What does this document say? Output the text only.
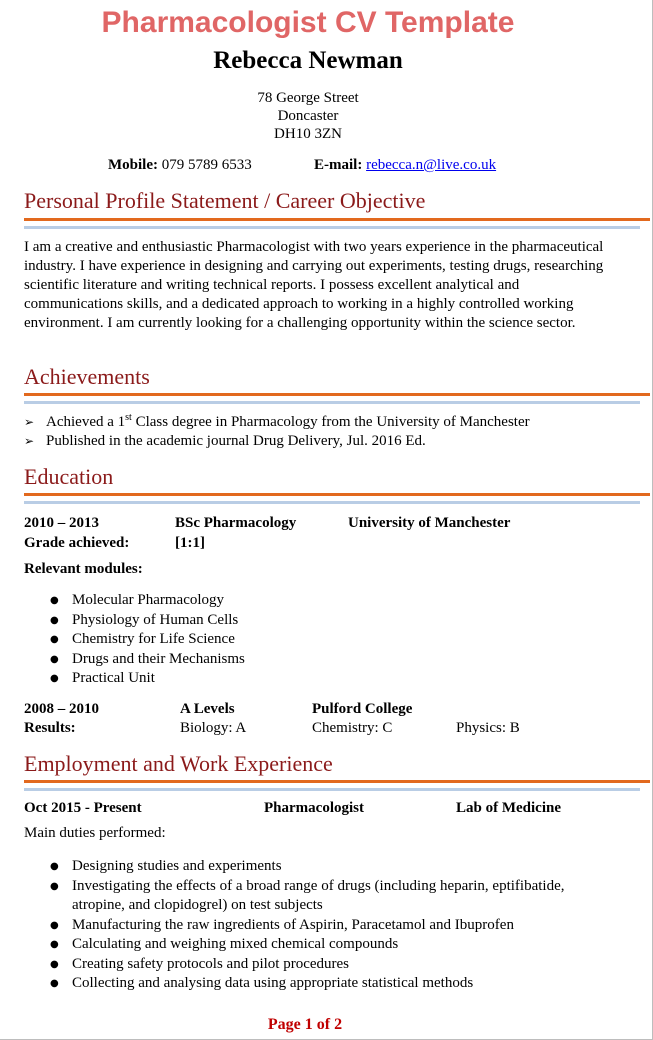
Pharmacologist CV Template
Rebecca Newman
78 George Street
Doncaster
DH10 3ZN
Mobile: 079 5789 6533	E-mail: rebecca.n@live.co.uk
Personal Profile Statement / Career Objective
I am a creative and enthusiastic Pharmacologist with two years experience in the pharmaceutical industry. I have experience in designing and carrying out experiments, testing drugs, researching scientific literature and writing technical reports. I possess excellent analytical and communications skills, and a dedicated approach to working in a highly controlled working environment. I am currently looking for a challenging opportunity within the science sector.
Achievements
➢ Achieved a 1st Class degree in Pharmacology from the University of Manchester
➢ Published in the academic journal Drug Delivery, Jul. 2016 Ed.
Education
2010 – 2013	BSc Pharmacology	University of Manchester
Grade achieved:	[1:1]
Relevant modules:
● Molecular Pharmacology
● Physiology of Human Cells
● Chemistry for Life Science
● Drugs and their Mechanisms
● Practical Unit
2008 – 2010	A Levels	Pulford College
Results:	Biology: A	Chemistry: C	Physics: B
Employment and Work Experience
Oct 2015 - Present	Pharmacologist	Lab of Medicine
Main duties performed:
● Designing studies and experiments
● Investigating the effects of a broad range of drugs (including heparin, eptifibatide, atropine, and clopidogrel) on test subjects
● Manufacturing the raw ingredients of Aspirin, Paracetamol and Ibuprofen
● Calculating and weighing mixed chemical compounds
● Creating safety protocols and pilot procedures
● Collecting and analysing data using appropriate statistical methods
Page 1 of 2
